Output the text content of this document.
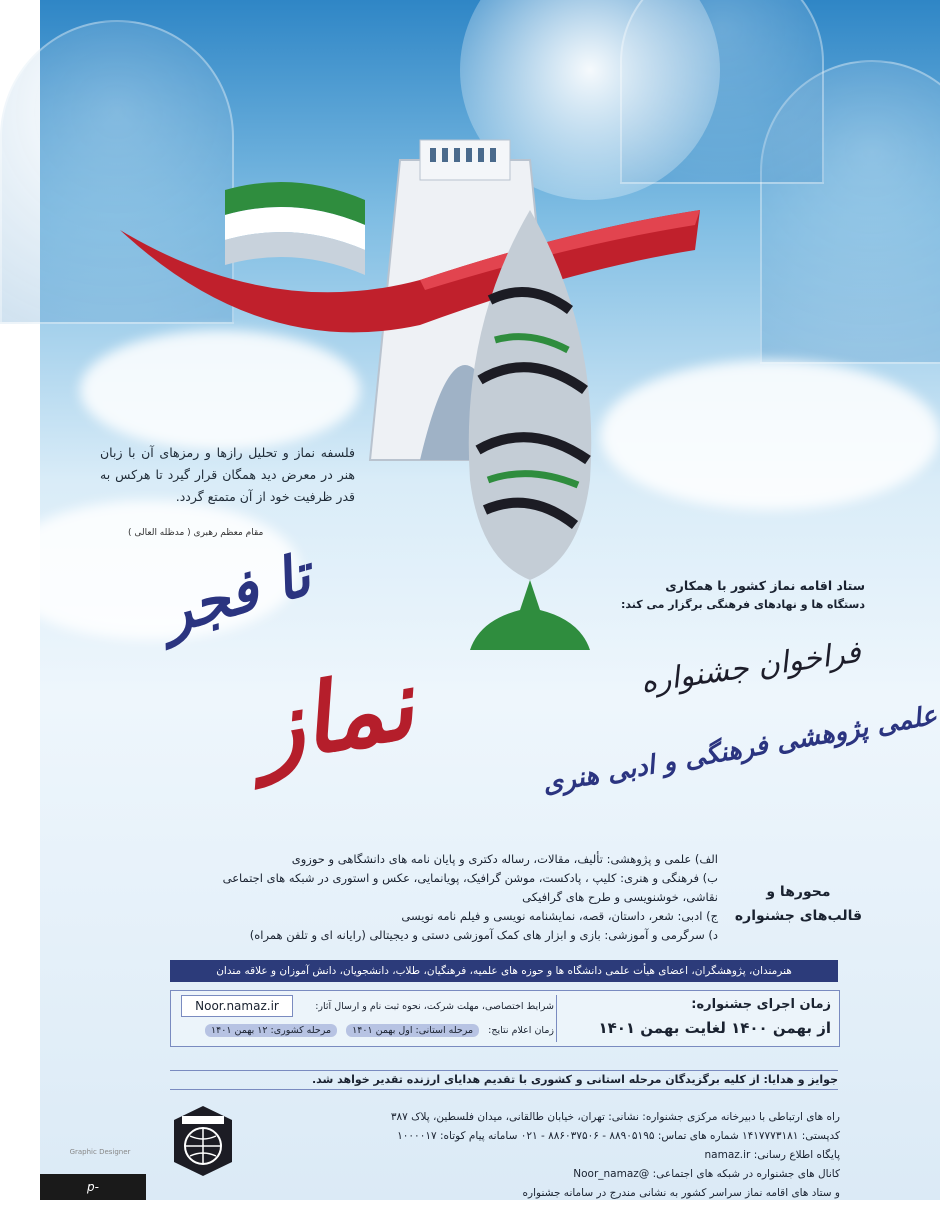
فلسفه نماز و تحلیل رازها و رمزهای آن با زبان هنر در معرض دید همگان قرار گیرد تا هرکس به قدر ظرفیت خود از آن متمتع گردد.
مقام معظم رهبری ( مدظله العالی )
ستاد اقامه نماز کشور با همکاری
دستگاه ها و نهادهای فرهنگی برگزار می کند:
تا فجر
فراخوان جشنواره
نماز	علمی پژوهشی فرهنگی و ادبی هنری
الف) علمی و پژوهشی: تألیف، مقالات، رساله دکتری و پایان نامه های دانشگاهی و حوزوی
ب) فرهنگی و هنری: کلیپ ، پادکست، موشن گرافیک، پویانمایی، عکس و استوری در شبکه های اجتماعی
نقاشی، خوشنویسی و طرح های گرافیکی
ج) ادبی: شعر، داستان، قصه، نمایشنامه نویسی و فیلم نامه نویسی
د) سرگرمی و آموزشی: بازی و ابزار های کمک آموزشی دستی و دیجیتالی (رایانه ای و تلفن همراه)
محورها و
قالب‌های جشنواره
هنرمندان، پژوهشگران، اعضای هیأت علمی دانشگاه ها و حوزه های علمیه، فرهنگیان، طلاب، دانشجویان، دانش آموزان و علاقه مندان
زمان اجرای جشنواره:
از بهمن ۱۴۰۰ لغایت بهمن ۱۴۰۱
شرایط اختصاصی، مهلت شرکت، نحوه ثبت نام و ارسال آثار:
Noor.namaz.ir
زمان اعلام نتایج:   مرحله استانی: اول بهمن ۱۴۰۱   مرحله کشوری: ۱۲ بهمن ۱۴۰۱
جوایز و هدایا: از کلیه برگزیدگان مرحله استانی و کشوری با تقدیم هدایای ارزنده تقدیر خواهد شد.
راه های ارتباطی با دبیرخانه مرکزی جشنواره: نشانی: تهران، خیابان طالقانی، میدان فلسطین، پلاک ۳۸۷
کدپستی: ۱۴۱۷۷۷۳۱۸۱ شماره های تماس: ۸۸۹۰۵۱۹۵ - ۸۸۶۰۳۷۵۰۶ - ۰۲۱ سامانه پیام کوتاه: ۱۰۰۰۰۱۷
پایگاه اطلاع رسانی: namaz.ir
کانال های جشنواره در شبکه های اجتماعی: @Noor_namaz
و ستاد های اقامه نماز سراسر کشور به نشانی مندرج در سامانه جشنواره
Graphic Designer
p-ghayen.tvu.ac.ir
